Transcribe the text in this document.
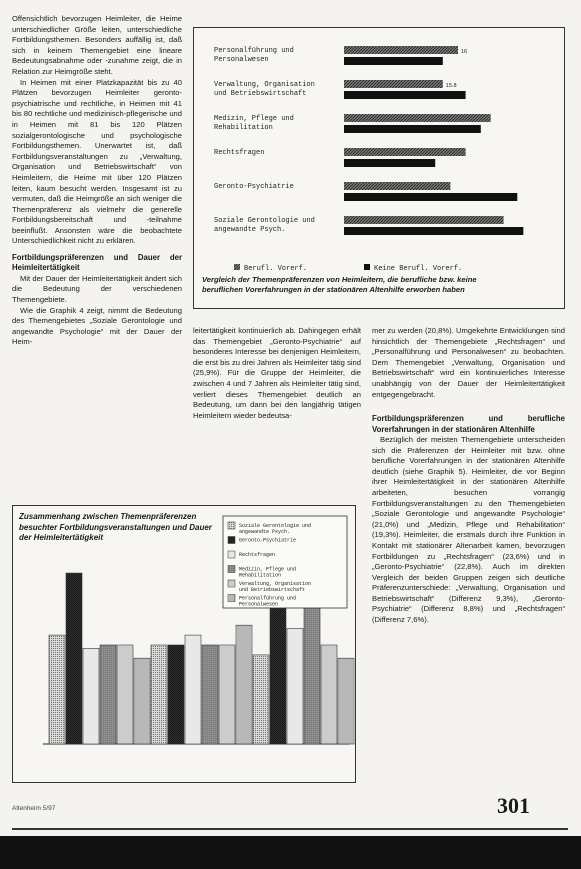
Offensichtlich bevorzugen Heimleiter, die Heime unterschiedlicher Größe leiten, unterschiedliche Fortbildungsthemen. Besonders auffällig ist, daß sich in keinem Themengebiet eine lineare Bedeutungsabnahme oder -zunahme zeigt, die in Relation zur Heimgröße steht.

In Heimen mit einer Platzkapazität bis zu 40 Plätzen bevorzugen Heimleiter geronto-psychiatrische und rechtliche, in Heimen mit 41 bis 80 rechtliche und medizinisch-pflegerische und in Heimen mit 81 bis 120 Plätzen sozialgerontologische und psychologische Fortbildungsthemen. Unerwartet ist, daß Fortbildungsveranstaltungen zu „Verwaltung, Organisation und Betriebswirtschaft“ von Heimleitern, die Heime mit über 120 Plätzen leiten, kaum besucht werden. Insgesamt ist zu vermuten, daß die Heimgröße an sich weniger die Themenpräferenz als vielmehr die generelle Fortbildungsbereitschaft und -teilnahme beeinflußt. Ansonsten wäre die beobachtete Unterschiedlichkeit nicht zu erklären.

Fortbildungspräferenzen und Dauer der Heimleitertätigkeit

Mit der Dauer der Heimleitertätigkeit ändert sich die Bedeutung der verschiedenen Themengebiete.

Wie die Graphik 4 zeigt, nimmt die Bedeutung des Themengebietes „Soziale Gerontologie und angewandte Psychologie“ mit der Dauer der Heim-

Personalführung und
Personalwesen
16
Verwaltung, Organisation
und Betriebswirtschaft
15.8
Medizin, Pflege und
Rehabilitation
Rechtsfragen
Geronto-Psychiatrie
Soziale Gerontologie und
angewandte Psych.
Berufl. Vorerf.	Keine Berufl. Vorerf.
Vergleich der Themenpräferenzen von Heimleitern, die berufliche bzw. keine
beruflichen Vorerfahrungen in der stationären Altenhilfe erworben haben

leitertätigkeit kontinuierlich ab. Dahingegen erhält das Themengebiet „Geronto-Psychiatrie“ auf besonderes Interesse bei denjenigen Heimleitern, die erst bis zu drei Jahren als Heimleiter tätig sind (25,9%). Für die Gruppe der Heimleiter, die zwischen 4 und 7 Jahren als Heimleiter tätig sind, verliert dieses Themengebiet deutlich an Bedeutung, um dann bei den langjährig tätigen Heimleitern wieder bedeutsa-

mer zu werden (20,8%). Umgekehrte Entwicklungen sind hinsichtlich der Themengebiete „Rechtsfragen“ und „Personalführung und Personalwesen“ zu beobachten. Dem Themengebiet „Verwaltung, Organisation und Betriebswirtschaft“ wird ein kontinuierliches Interesse unabhängig von der Dauer der Heimleitertätigkeit entgegengebracht.

Fortbildungspräferenzen und berufliche Vorerfahrungen in der stationären Altenhilfe

Bezüglich der meisten Themengebiete unterscheiden sich die Präferenzen der Heimleiter mit bzw. ohne berufliche Vorerfahrungen in der stationären Altenhilfe deutlich (siehe Graphik 5). Heimleiter, die vor Beginn ihrer Heimleitertätigkeit in der stationären Altenhilfe arbeiteten, besuchen vorrangig Fortbildungsveranstaltungen zu den Themengebieten „Soziale Gerontologie und angewandte Psychologie“ (21,0%) und „Medizin, Pflege und Rehabilitation“ (19,3%). Heimleiter, die erstmals durch ihre Funktion in Kontakt mit stationärer Altenarbeit kamen, bevorzugen Fortbildungen zu „Rechtsfragen“ (23,6%) und in „Geronto-Psychiatrie“ (22,8%). Auch im direkten Vergleich der beiden Gruppen zeigen sich deutliche Präferenzunterschiede: „Verwaltung, Organisation und Betriebswirtschaft“ (Differenz 9,3%), „Geronto-Psychiatrie“ (Differenz 8,8%) und „Rechtsfragen“ (Differenz 7,6%).

Soziale Gerontologie und
angewandte Psych.
Geronto-Psychiatrie
Rechtsfragen
Medizin, Pflege und
Rehabilitation
Verwaltung, Organisation
und Betriebswirtschaft
Personalführung und
Personalwesen
Zusammenhang zwischen Themenpräferenzen besuchter Fortbildungsveranstaltungen und Dauer der Heimleitertätigkeit
Altenheim 5/97	301
